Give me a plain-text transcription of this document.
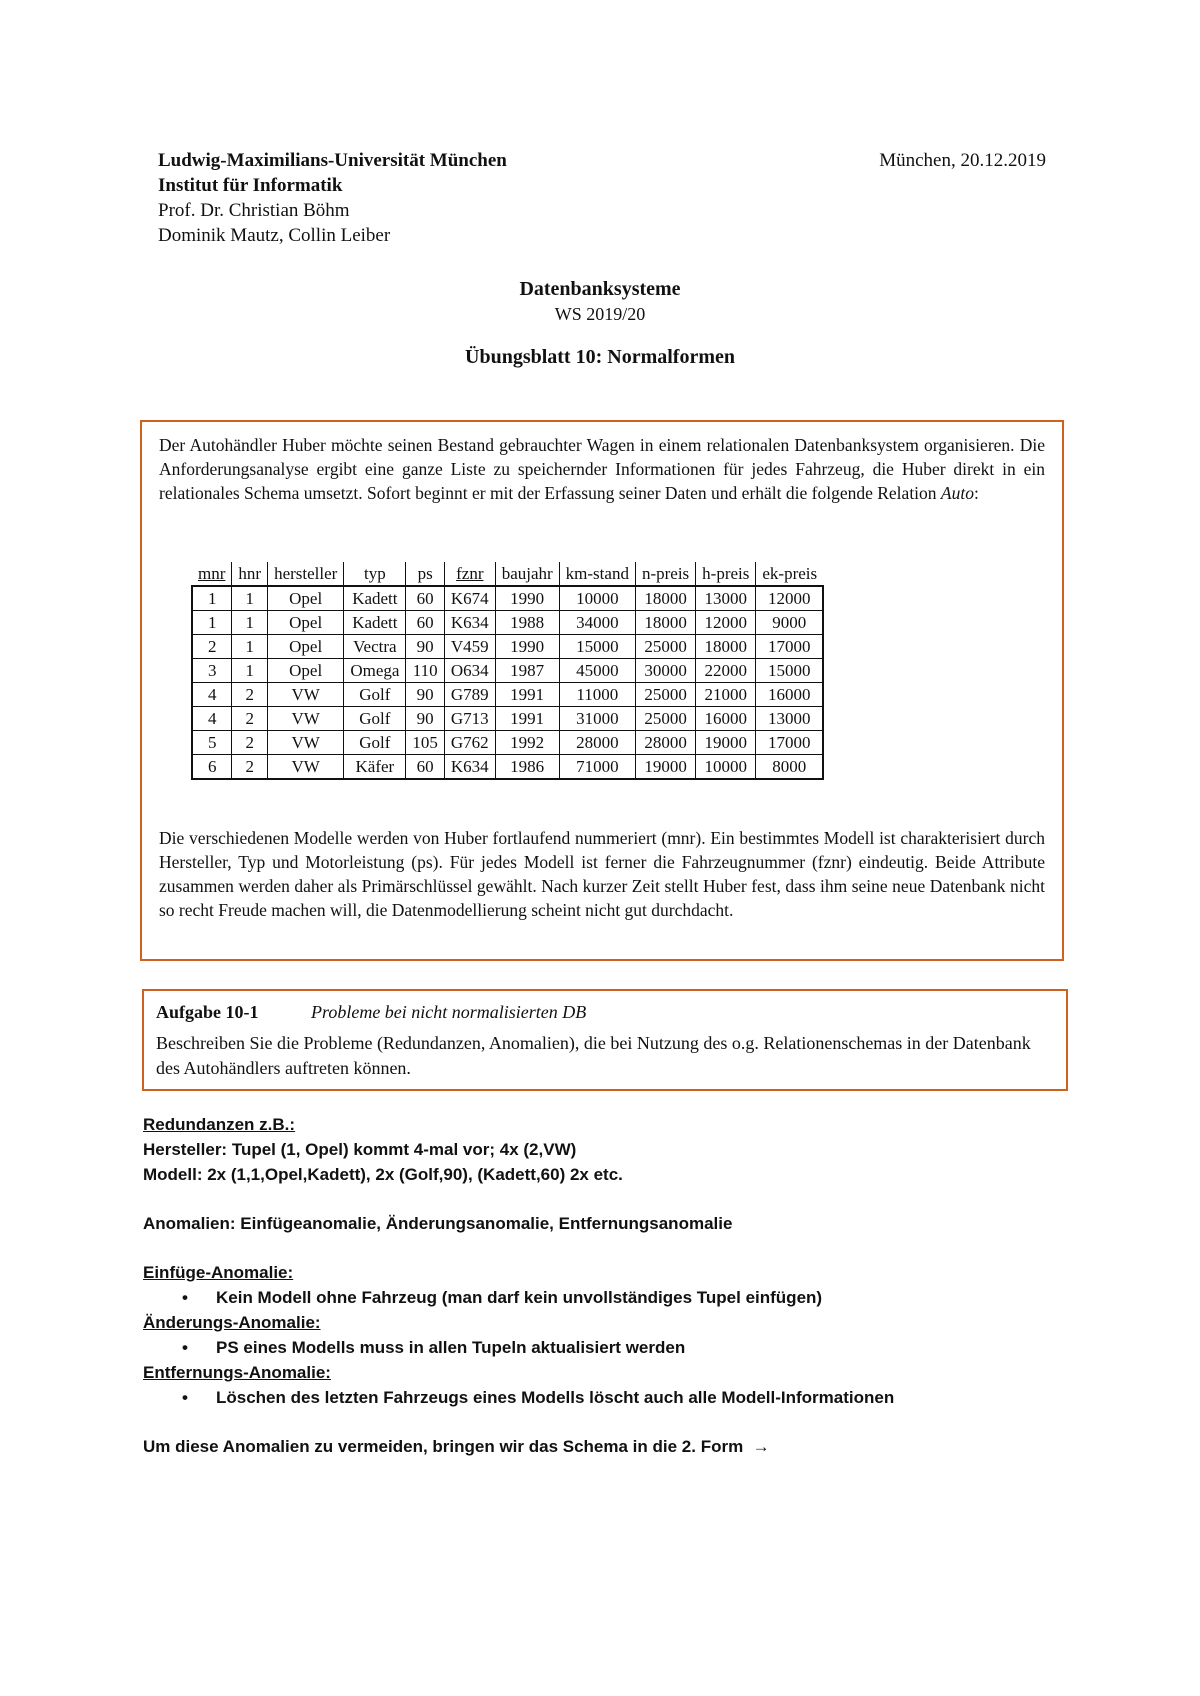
Ludwig-Maximilians-Universität München
Institut für Informatik
Prof. Dr. Christian Böhm
Dominik Mautz, Collin Leiber
München, 20.12.2019
Datenbanksysteme
WS 2019/20
Übungsblatt 10: Normalformen

Der Autohändler Huber möchte seinen Bestand gebrauchter Wagen in einem relationalen Datenbanksystem organisieren. Die Anforderungsanalyse ergibt eine ganze Liste zu speichernder Informationen für jedes Fahrzeug, die Huber direkt in ein relationales Schema umsetzt. Sofort beginnt er mit der Erfassung seiner Daten und erhält die folgende Relation Auto:

Die verschiedenen Modelle werden von Huber fortlaufend nummeriert (mnr). Ein bestimmtes Modell ist charakterisiert durch Hersteller, Typ und Motorleistung (ps). Für jedes Modell ist ferner die Fahrzeugnummer (fznr) eindeutig. Beide Attribute zusammen werden daher als Primärschlüssel gewählt. Nach kurzer Zeit stellt Huber fest, dass ihm seine neue Datenbank nicht so recht Freude machen will, die Datenmodellierung scheint nicht gut durchdacht.

mnr	hnr	hersteller	typ	ps	fznr	baujahr	km-stand	n-preis	h-preis	ek-preis
1	1	Opel	Kadett	60	K674	1990	10000	18000	13000	12000
1	1	Opel	Kadett	60	K634	1988	34000	18000	12000	9000
2	1	Opel	Vectra	90	V459	1990	15000	25000	18000	17000
3	1	Opel	Omega	110	O634	1987	45000	30000	22000	15000
4	2	VW	Golf	90	G789	1991	11000	25000	21000	16000
4	2	VW	Golf	90	G713	1991	31000	25000	16000	13000
5	2	VW	Golf	105	G762	1992	28000	28000	19000	17000
6	2	VW	Käfer	60	K634	1986	71000	19000	10000	8000
Aufgabe 10-1	Probleme bei nicht normalisierten DB
Beschreiben Sie die Probleme (Redundanzen, Anomalien), die bei Nutzung des o.g. Relationenschemas in der Datenbank des Autohändlers auftreten können.
Redundanzen z.B.:
Hersteller: Tupel (1, Opel) kommt 4-mal vor; 4x (2,VW)
Modell: 2x (1,1,Opel,Kadett), 2x (Golf,90), (Kadett,60) 2x etc.
Anomalien: Einfügeanomalie, Änderungsanomalie, Entfernungsanomalie
Einfüge-Anomalie:
• Kein Modell ohne Fahrzeug (man darf kein unvollständiges Tupel einfügen)
Änderungs-Anomalie:
• PS eines Modells muss in allen Tupeln aktualisiert werden
Entfernungs-Anomalie:
• Löschen des letzten Fahrzeugs eines Modells löscht auch alle Modell-Informationen
Um diese Anomalien zu vermeiden, bringen wir das Schema in die 2. Form →
